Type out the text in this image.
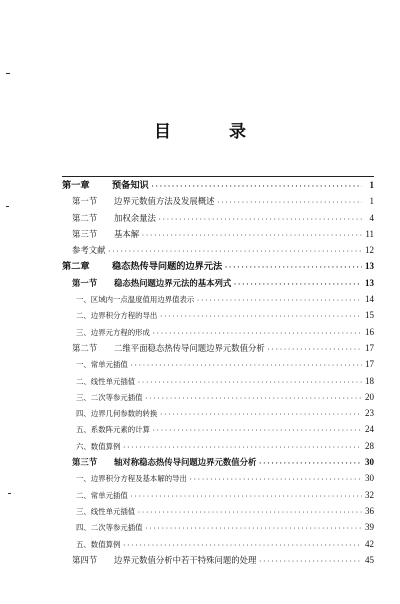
目 录
第一章	预备知识 ·····	1
第一节	边界元数值方法及发展概述 ·····	1
第二节	加权余量法 ·····	4
第三节	基本解 ·····	11
参考文献 ·····	12
第二章	稳态热传导问题的边界元法 ·····	13
第一节	稳态热问题边界元法的基本列式 ·····	13
一、 区域内一点温度值用边界值表示 ·····	14
二、 边界积分方程的导出 ·····	15
三、 边界元方程的形成 ·····	16
第二节	二维平面稳态热传导问题边界元数值分析 ·····	17
一、 常单元插值 ·····	17
二、 线性单元插值 ·····	18
三、 二次等参元插值 ·····	20
四、 边界几何参数的转换 ·····	23
五、 系数阵元素的计算 ·····	24
六、 数值算例 ·····	28
第三节	轴对称稳态热传导问题边界元数值分析 ·····	30
一、 边界积分方程及基本解的导出 ·····	30
二、 常单元插值 ·····	32
三、 线性单元插值 ·····	36
四、 二次等参元插值 ·····	39
五、 数值算例 ·····	42
第四节	边界元数值分析中若干特殊问题的处理 ·····	45
